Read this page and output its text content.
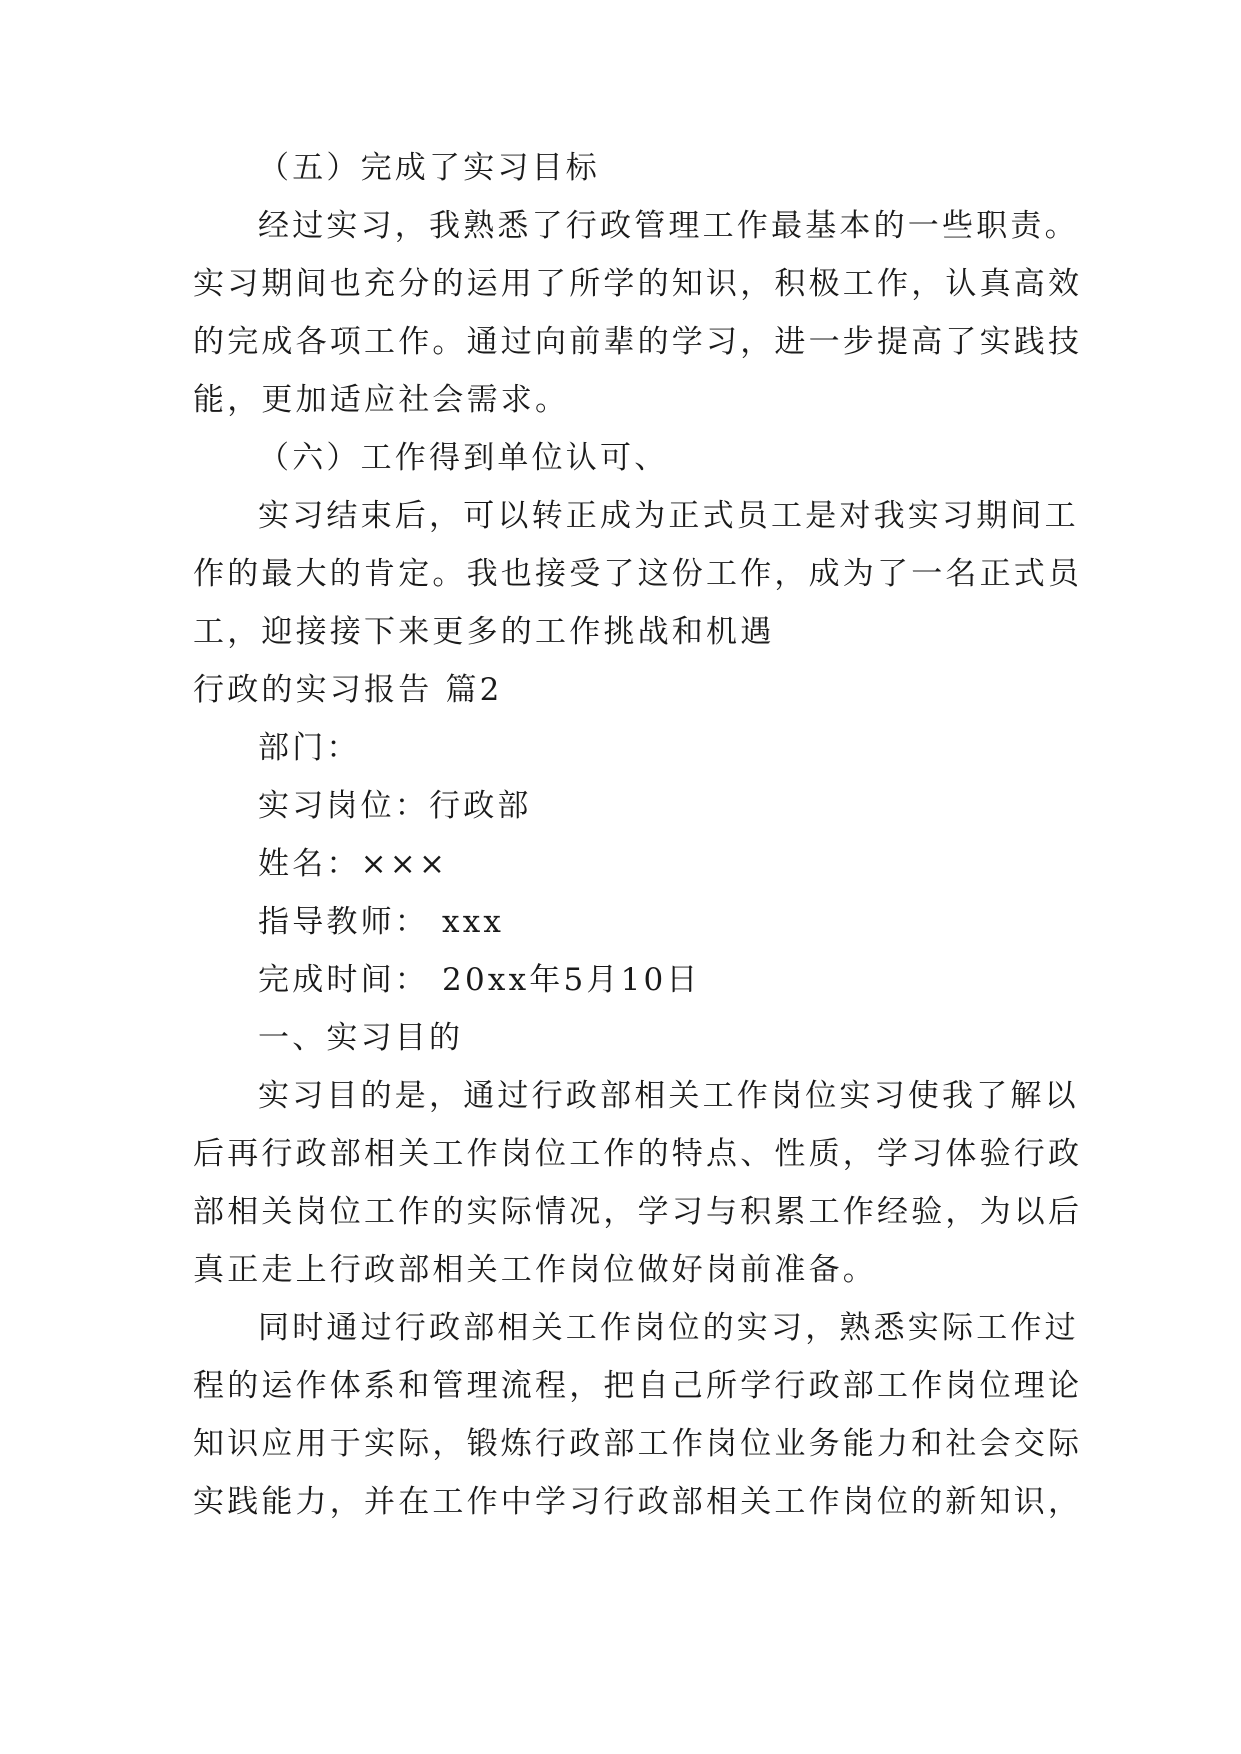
（五）完成了实习目标
经过实习，我熟悉了行政管理工作最基本的一些职责。
实习期间也充分的运用了所学的知识，积极工作，认真高效
的完成各项工作。通过向前辈的学习，进一步提高了实践技
能，更加适应社会需求。
（六）工作得到单位认可、
实习结束后，可以转正成为正式员工是对我实习期间工
作的最大的肯定。我也接受了这份工作，成为了一名正式员
工，迎接接下来更多的工作挑战和机遇
行政的实习报告 篇2
部门：
实习岗位：行政部
姓名：×××
指导教师： xxx
完成时间： 20xx年5月10日
一、实习目的
实习目的是，通过行政部相关工作岗位实习使我了解以
后再行政部相关工作岗位工作的特点、性质，学习体验行政
部相关岗位工作的实际情况，学习与积累工作经验，为以后
真正走上行政部相关工作岗位做好岗前准备。
同时通过行政部相关工作岗位的实习，熟悉实际工作过
程的运作体系和管理流程，把自己所学行政部工作岗位理论
知识应用于实际，锻炼行政部工作岗位业务能力和社会交际
实践能力，并在工作中学习行政部相关工作岗位的新知识，
